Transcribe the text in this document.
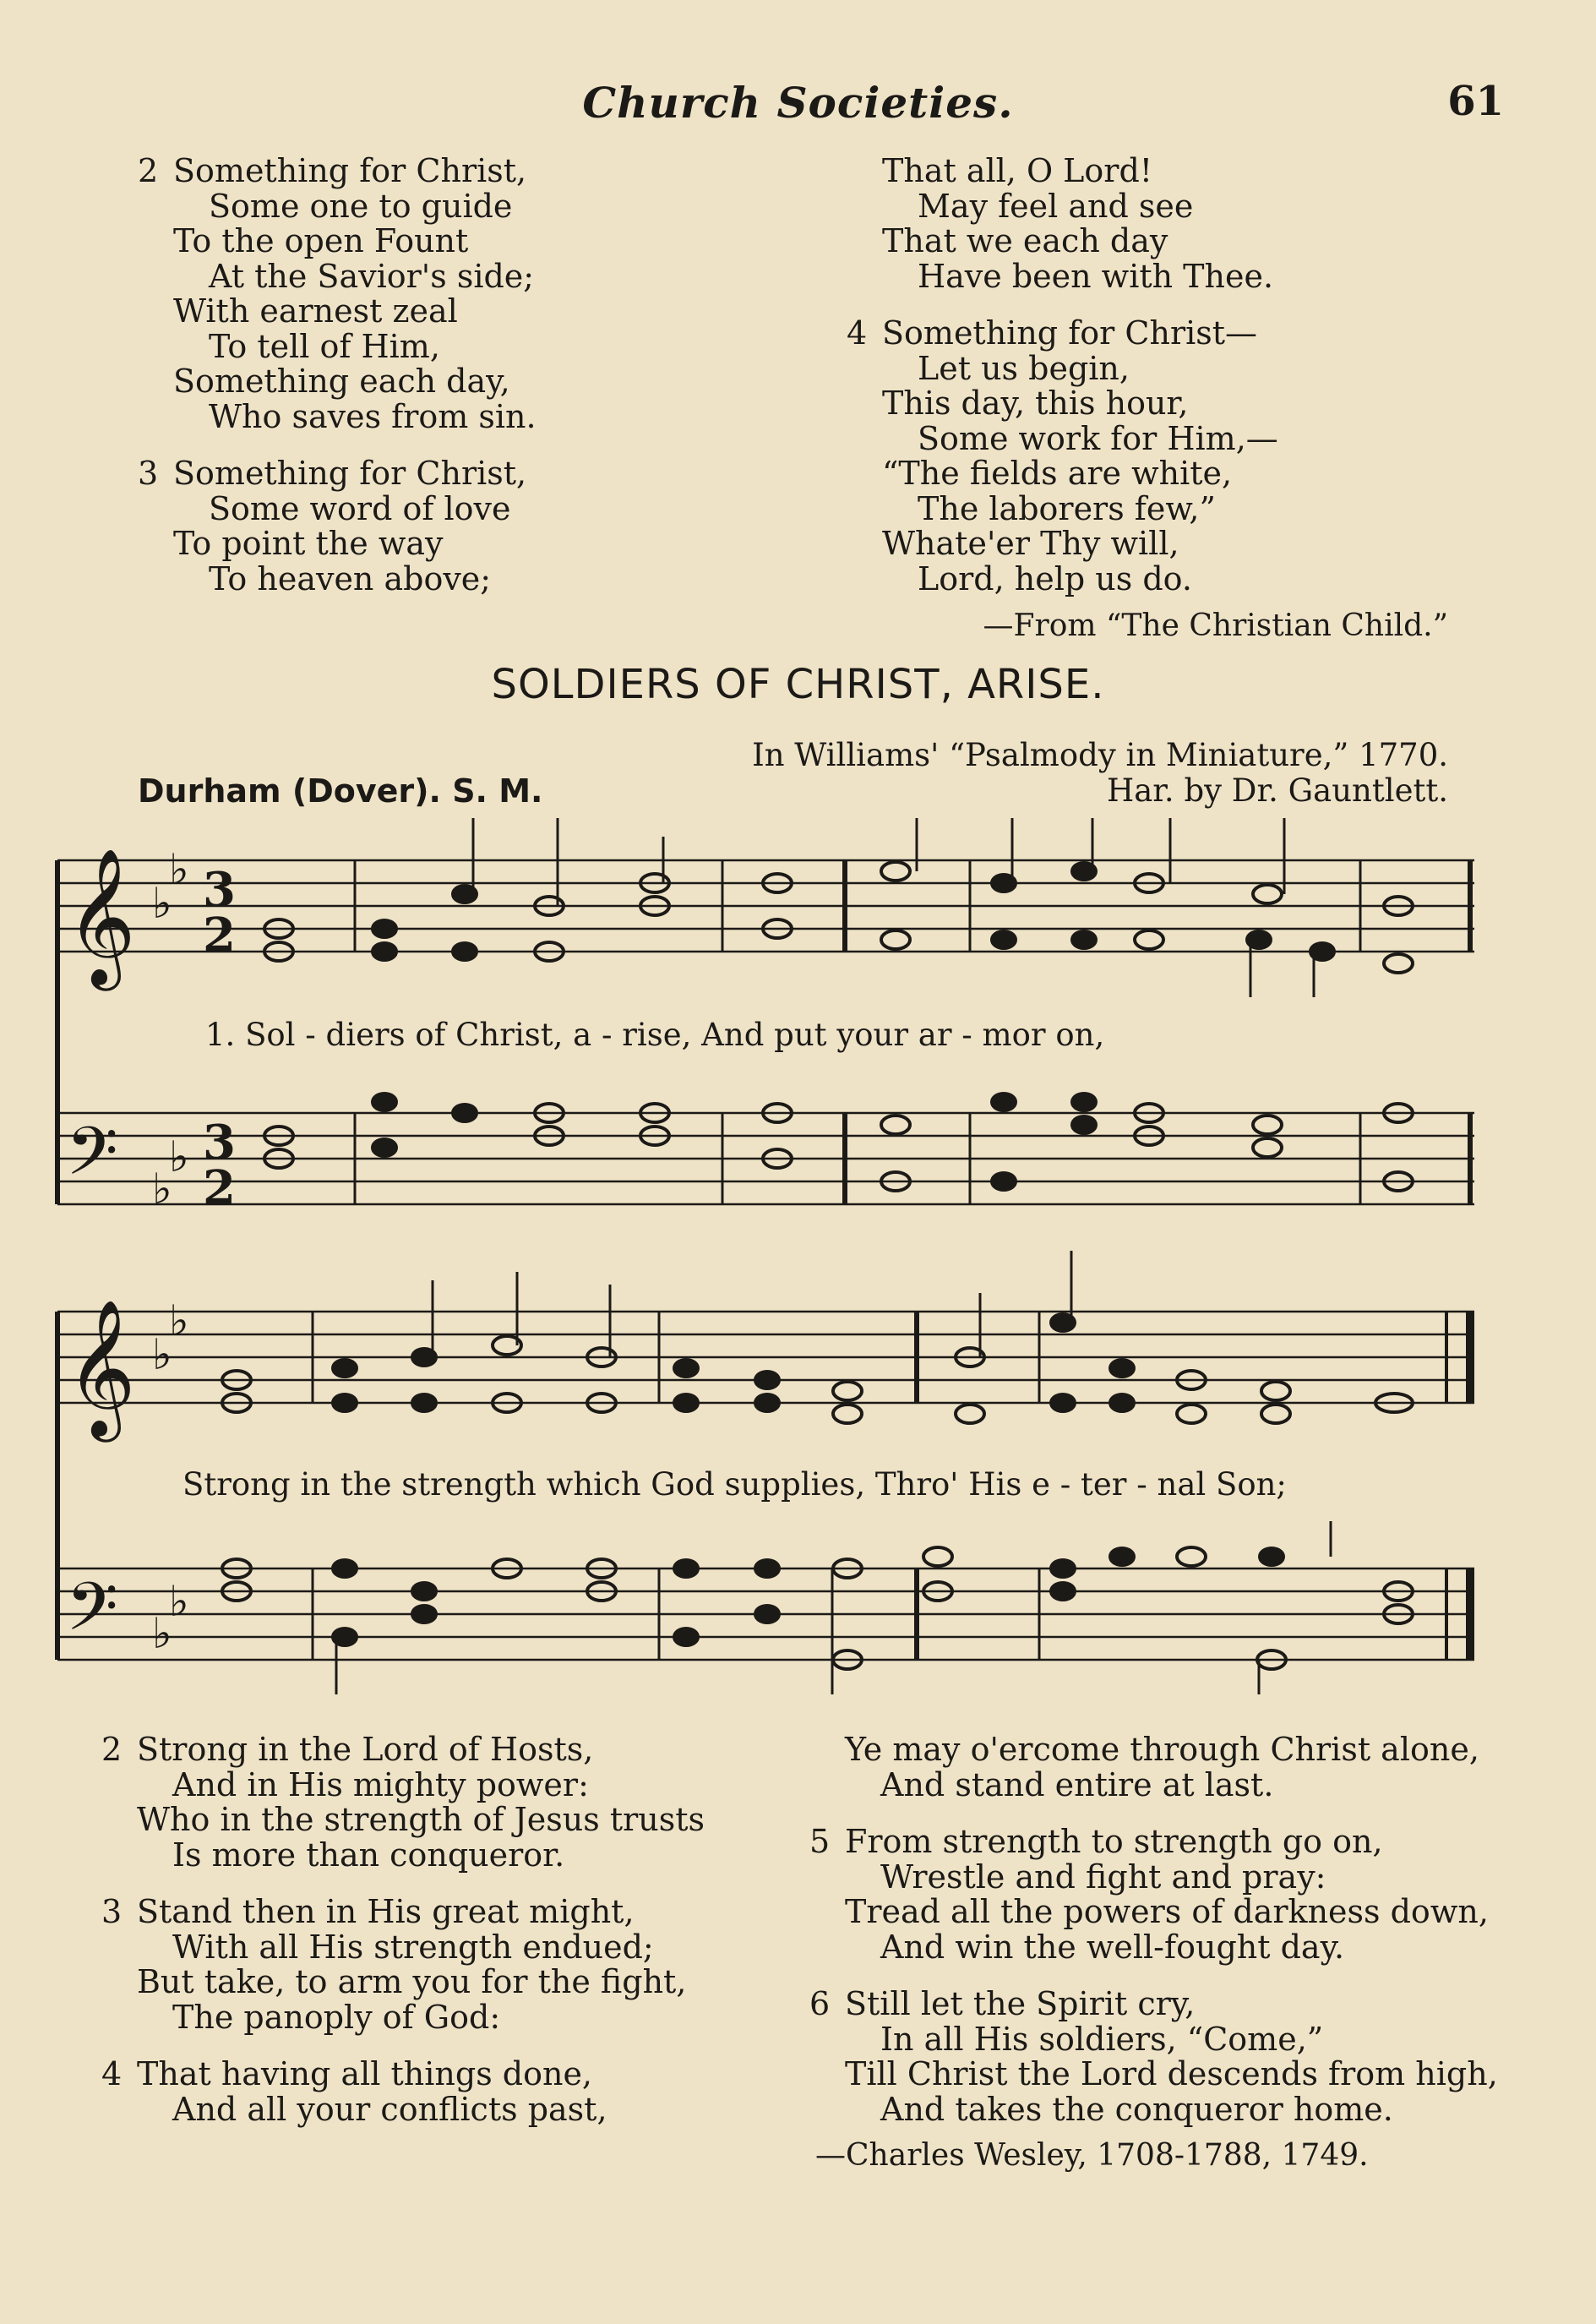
Church Societies.	61
2 Something for Christ,
Some one to guide
To the open Fount
At the Savior's side;
With earnest zeal
To tell of Him,
Something each day,
Who saves from sin.
3 Something for Christ,
Some word of love
To point the way
To heaven above;
That all, O Lord!
May feel and see
That we each day
Have been with Thee.
4 Something for Christ—
Let us begin,
This day, this hour,
Some work for Him,—
“The fields are white,
The laborers few,”
Whate'er Thy will,
Lord, help us do.
—From “The Christian Child.”
SOLDIERS OF CHRIST, ARISE.
In Williams' “Psalmody in Miniature,” 1770.
Durham (Dover). S. M.	Har. by Dr. Gauntlett.
𝄞
𝄢
𝄞
𝄢
♭
♭
♭
♭
♭
♭
♭
♭
3
2
3
2
1. Sol - diers of Christ, a - rise, And put your ar - mor on,
Strong in the strength which God supplies, Thro' His e - ter - nal Son;
2 Strong in the Lord of Hosts,
And in His mighty power:
Who in the strength of Jesus trusts
Is more than conqueror.
3 Stand then in His great might,
With all His strength endued;
But take, to arm you for the fight,
The panoply of God:
4 That having all things done,
And all your conflicts past,
Ye may o'ercome through Christ alone,
And stand entire at last.
5 From strength to strength go on,
Wrestle and fight and pray:
Tread all the powers of darkness down,
And win the well-fought day.
6 Still let the Spirit cry,
In all His soldiers, “Come,”
Till Christ the Lord descends from high,
And takes the conqueror home.
—Charles Wesley, 1708-1788, 1749.
